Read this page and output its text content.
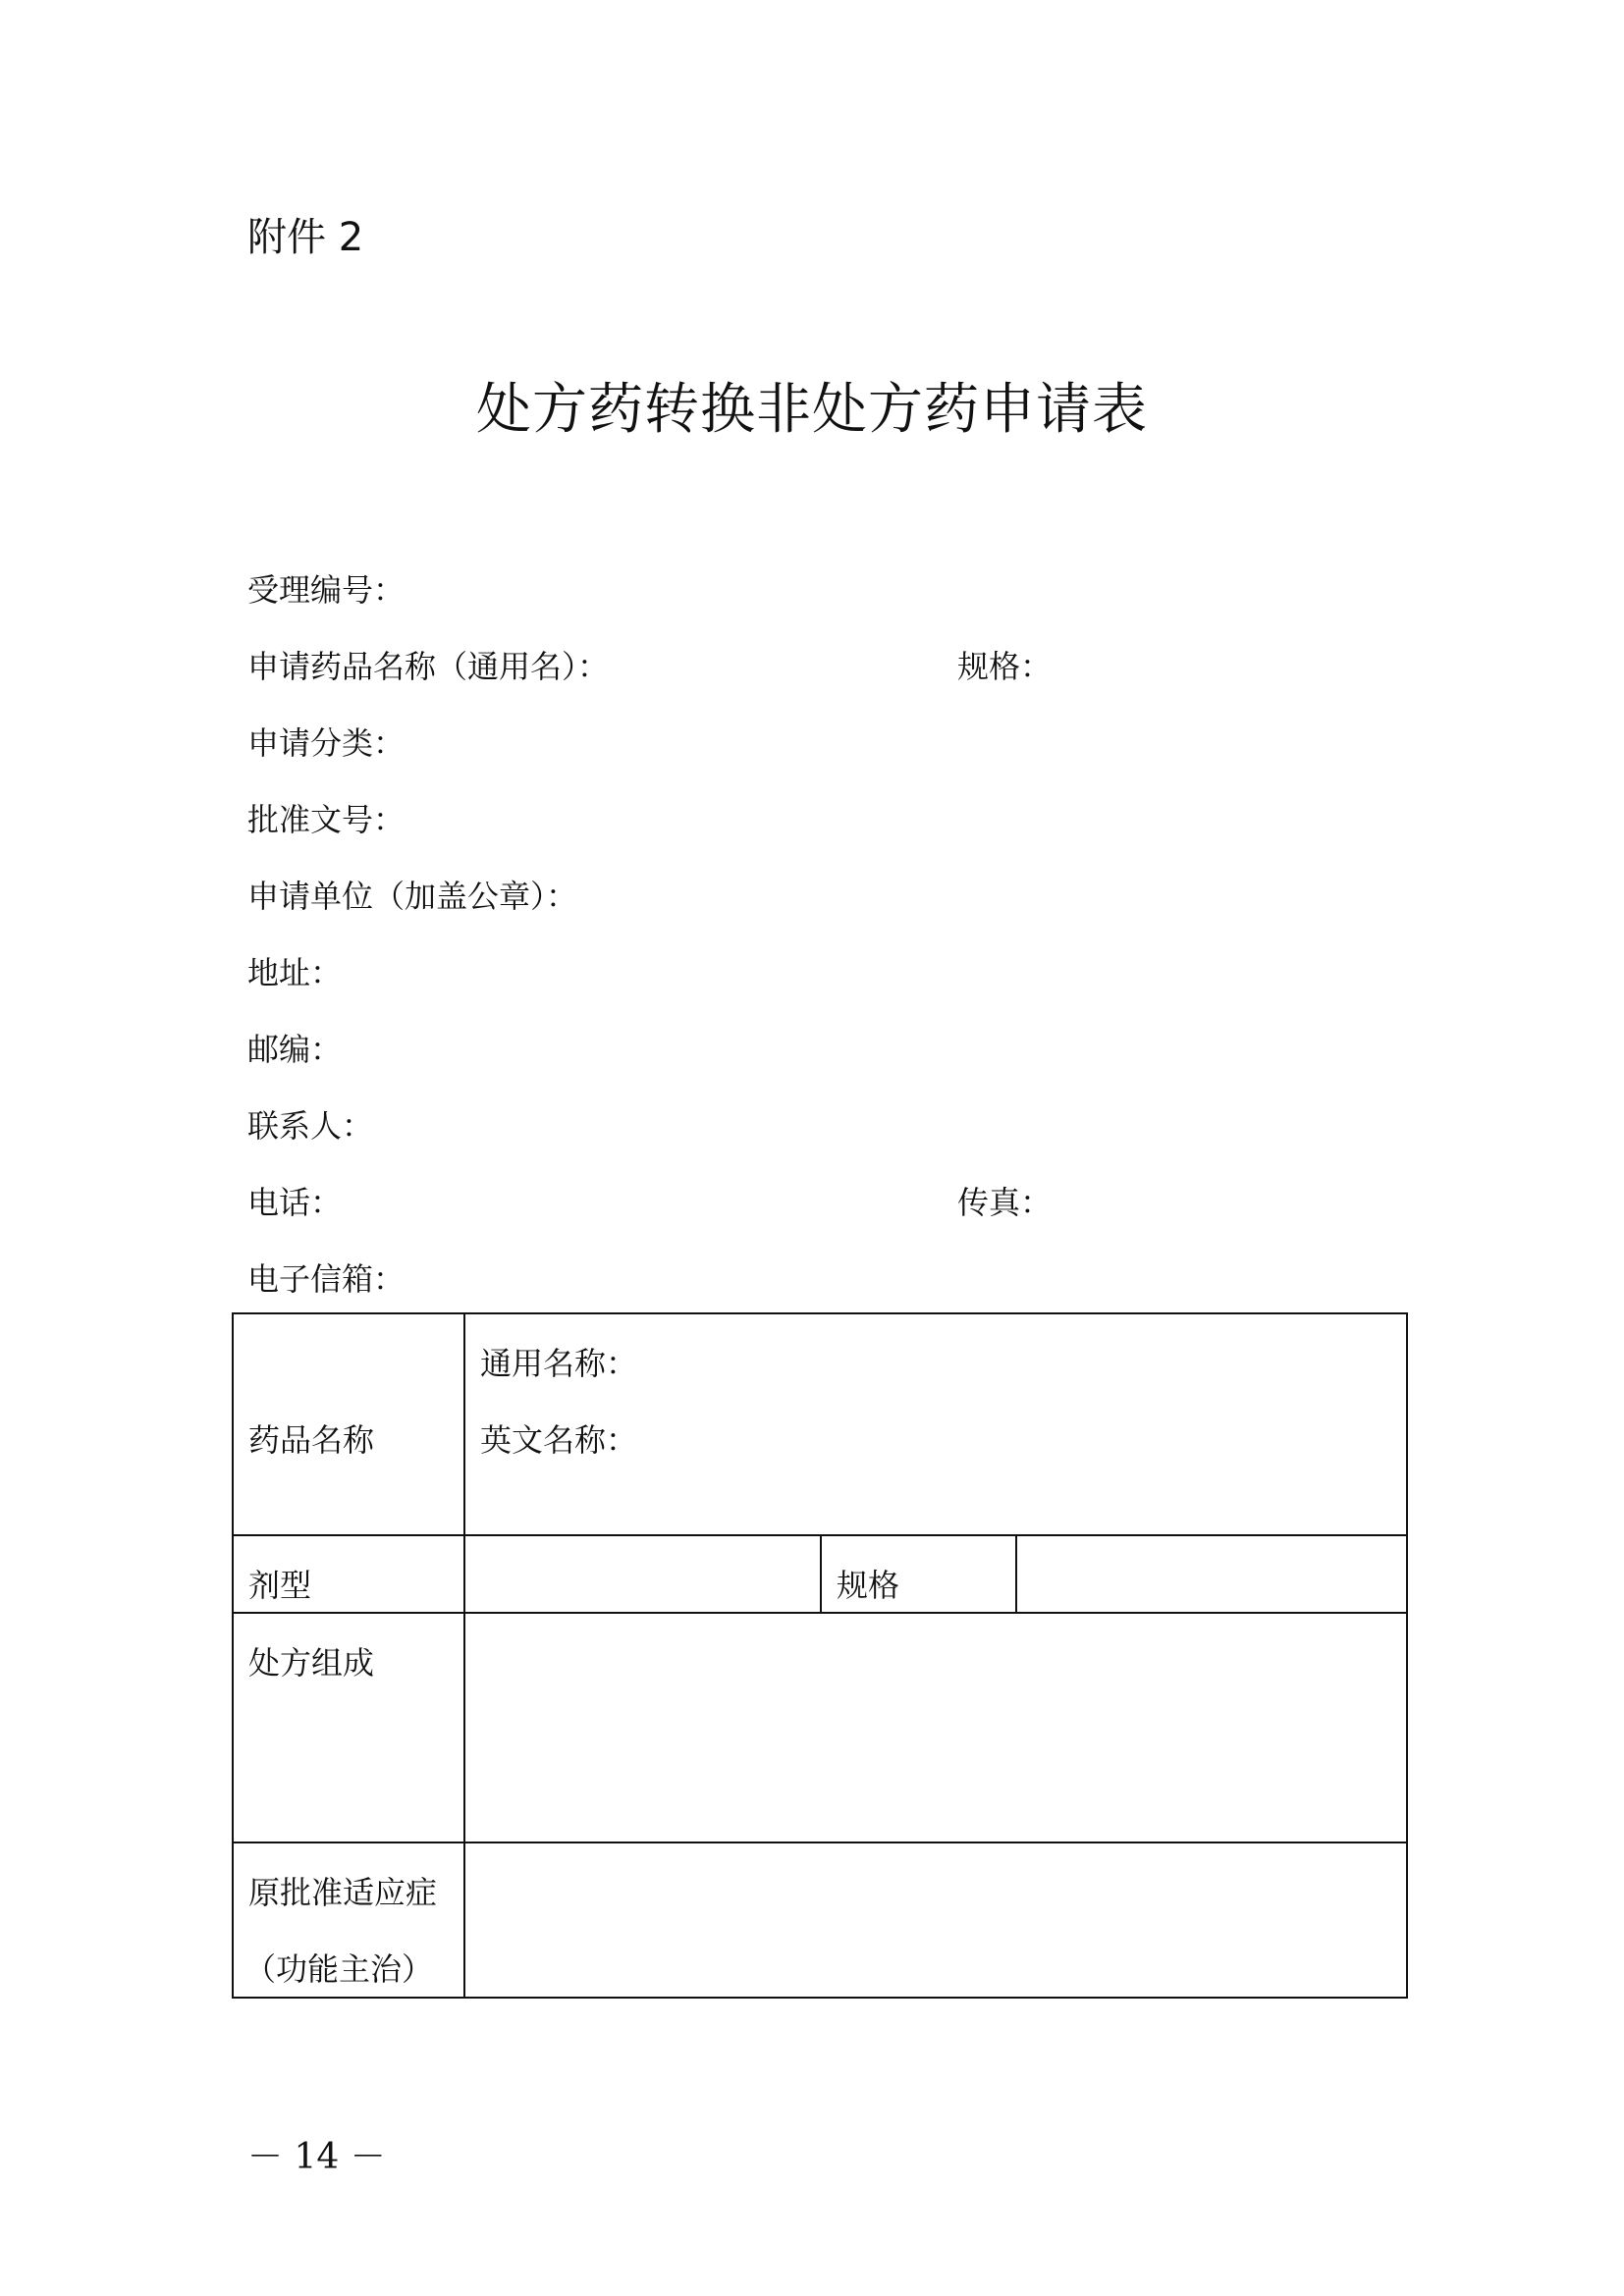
附件 2
处方药转换非处方药申请表
受理编号：
申请药品名称（通用名）：	规格：
申请分类：
批准文号：
申请单位（加盖公章）：
地址：
邮编：
联系人：
电话：	传真：
电子信箱：
药品名称	通用名称：
英文名称：		

剂型		规格	

处方组成			

原批准适应症
（功能主治）			

－ 14 －
